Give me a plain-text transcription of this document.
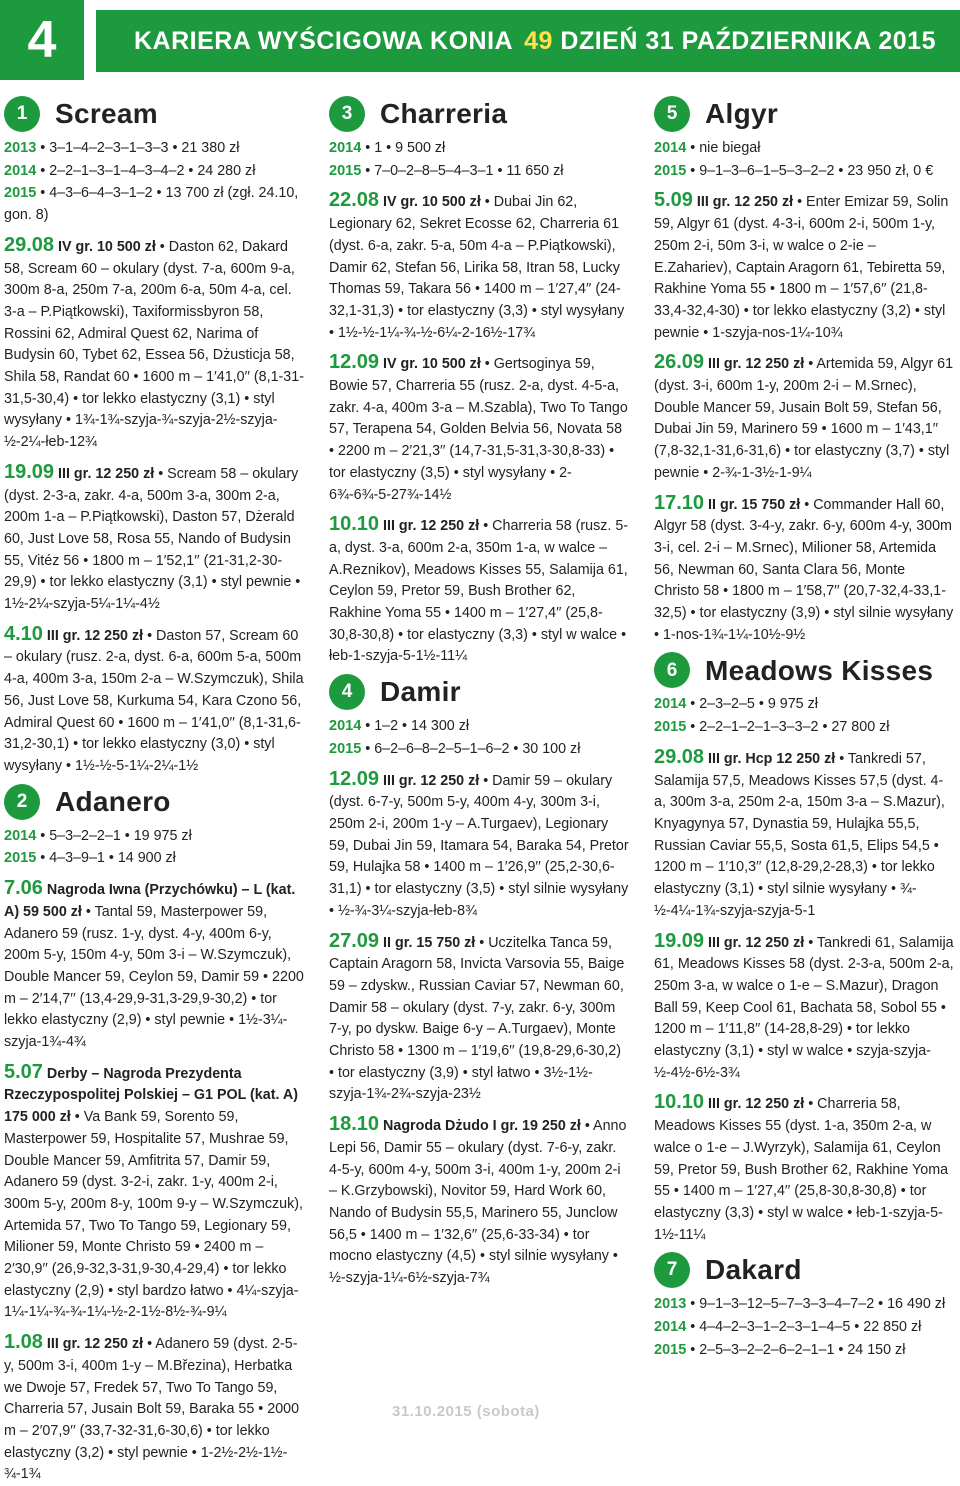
4	KARIERA WYŚCIGOWA KONIA 49 DZIEŃ 31 PAŹDZIERNIKA 2015
1 Scream
2013 • 3–1–4–2–3–1–3–3 • 21 380 zł
2014 • 2–2–1–3–1–4–3–4–2 • 24 280 zł
2015 • 4–3–6–4–3–1–2 • 13 700 zł (zgł. 24.10, gon. 8)
29.08 IV gr. 10 500 zł • Daston 62, Dakard 58, Scream 60 – okulary (dyst. 7-a, 600m 9-a, 300m 8-a, 250m 7-a, 200m 6-a, 50m 4-a, cel. 3-a – P.Piątkowski), Taxiformissbyron 58, Rossini 62, Admiral Quest 62, Narima of Budysin 60, Tybet 62, Essea 56, Dżusticja 58, Shila 58, Randat 60 • 1600 m – 1′41,0′′ (8,1-31-31,5-30,4) • tor lekko elastyczny (3,1) • styl wysyłany • 1¾-1¾-szyja-¾-szyja-2½-szyja-½-2¼-łeb-12¾
19.09 III gr. 12 250 zł • Scream 58 – okulary (dyst. 2-3-a, zakr. 4-a, 500m 3-a, 300m 2-a, 200m 1-a – P.Piątkowski), Daston 57, Dżerald 60, Just Love 58, Rosa 55, Nando of Budysin 55, Vitéz 56 • 1800 m – 1′52,1′′ (21-31,2-30-29,9) • tor lekko elastyczny (3,1) • styl pewnie • 1½-2¼-szyja-5¼-1¼-4½
4.10 III gr. 12 250 zł • Daston 57, Scream 60 – okulary (rusz. 2-a, dyst. 6-a, 600m 5-a, 500m 4-a, 400m 3-a, 150m 2-a – W.Szymczuk), Shila 56, Just Love 58, Kurkuma 54, Kara Czono 56, Admiral Quest 60 • 1600 m – 1′41,0′′ (8,1-31,6-31,2-30,1) • tor lekko elastyczny (3,0) • styl wysyłany • 1½-½-5-1¼-2¼-1½
2 Adanero
2014 • 5–3–2–2–1 • 19 975 zł
2015 • 4–3–9–1 • 14 900 zł
7.06 Nagroda Iwna (Przychówku) – L (kat. A) 59 500 zł • Tantal 59, Masterpower 59, Adanero 59 (rusz. 1-y, dyst. 4-y, 400m 6-y, 200m 5-y, 150m 4-y, 50m 3-i – W.Szymczuk), Double Mancer 59, Ceylon 59, Damir 59 • 2200 m – 2′14,7′′ (13,4-29,9-31,3-29,9-30,2) • tor lekko elastyczny (2,9) • styl pewnie • 1½-3¼-szyja-1¾-4¾
5.07 Derby – Nagroda Prezydenta Rzeczypospolitej Polskiej – G1 POL (kat. A) 175 000 zł • Va Bank 59, Sorento 59, Masterpower 59, Hospitalite 57, Mushrae 59, Double Mancer 59, Amfitrita 57, Damir 59, Adanero 59 (dyst. 3-2-i, zakr. 1-y, 400m 2-i, 300m 5-y, 200m 8-y, 100m 9-y – W.Szymczuk), Artemida 57, Two To Tango 59, Legionary 59, Milioner 59, Monte Christo 59 • 2400 m – 2′30,9′′ (26,9-32,3-31,9-30,4-29,4) • tor lekko elastyczny (2,9) • styl bardzo łatwo • 4¼-szyja-1¼-1¼-¾-¾-1¼-½-2-1½-8½-¾-9¼
1.08 III gr. 12 250 zł • Adanero 59 (dyst. 2-5-y, 500m 3-i, 400m 1-y – M.Březina), Herbatka we Dwoje 57, Fredek 57, Two To Tango 59, Charreria 57, Jusain Bolt 59, Baraka 55 • 2000 m – 2′07,9′′ (33,7-32-31,6-30,6) • tor lekko elastyczny (3,2) • styl pewnie • 1-2½-2½-1½-¾-1¾
3 Charreria
2014 • 1 • 9 500 zł
2015 • 7–0–2–8–5–4–3–1 • 11 650 zł
22.08 IV gr. 10 500 zł • Dubai Jin 62, Legionary 62, Sekret Ecosse 62, Charreria 61 (dyst. 6-a, zakr. 5-a, 50m 4-a – P.Piątkowski), Damir 62, Stefan 56, Lirika 58, Itran 58, Lucky Thomas 59, Takara 56 • 1400 m – 1′27,4′′ (24-32,1-31,3) • tor elastyczny (3,3) • styl wysyłany • 1½-½-1¼-¾-½-6¼-2-16½-17¾
12.09 IV gr. 10 500 zł • Gertsoginya 59, Bowie 57, Charreria 55 (rusz. 2-a, dyst. 4-5-a, zakr. 4-a, 400m 3-a – M.Szabla), Two To Tango 57, Terapena 54, Golden Belvia 56, Novata 58 • 2200 m – 2′21,3′′ (14,7-31,5-31,3-30,8-33) • tor elastyczny (3,5) • styl wysyłany • 2-6¾-6¾-5-27¾-14½
10.10 III gr. 12 250 zł • Charreria 58 (rusz. 5-a, dyst. 3-a, 600m 2-a, 350m 1-a, w walce – A.Reznikov), Meadows Kisses 55, Salamija 61, Ceylon 59, Pretor 59, Bush Brother 62, Rakhine Yoma 55 • 1400 m – 1′27,4′′ (25,8-30,8-30,8) • tor elastyczny (3,3) • styl w walce • łeb-1-szyja-5-1½-11¼
4 Damir
2014 • 1–2 • 14 300 zł
2015 • 6–2–6–8–2–5–1–6–2 • 30 100 zł
12.09 III gr. 12 250 zł • Damir 59 – okulary (dyst. 6-7-y, 500m 5-y, 400m 4-y, 300m 3-i, 250m 2-i, 200m 1-y – A.Turgaev), Legionary 59, Dubai Jin 59, Itamara 54, Baraka 54, Pretor 59, Hulajka 58 • 1400 m – 1′26,9′′ (25,2-30,6-31,1) • tor elastyczny (3,5) • styl silnie wysyłany • ½-¾-3¼-szyja-łeb-8¾
27.09 II gr. 15 750 zł • Uczitelka Tanca 59, Captain Aragorn 58, Invicta Varsovia 55, Baige 59 – zdyskw., Russian Caviar 57, Newman 60, Damir 58 – okulary (dyst. 7-y, zakr. 6-y, 300m 7-y, po dyskw. Baige 6-y – A.Turgaev), Monte Christo 58 • 1300 m – 1′19,6′′ (19,8-29,6-30,2) • tor elastyczny (3,9) • styl łatwo • 3½-1½-szyja-1¾-2¾-szyja-23½
18.10 Nagroda Dżudo I gr. 19 250 zł • Anno Lepi 56, Damir 55 – okulary (dyst. 7-6-y, zakr. 4-5-y, 600m 4-y, 500m 3-i, 400m 1-y, 200m 2-i – K.Grzybowski), Novitor 59, Hard Work 60, Nando of Budysin 55,5, Marinero 55, Junclow 56,5 • 1400 m – 1′32,6′′ (25,6-33-34) • tor mocno elastyczny (4,5) • styl silnie wysyłany • ½-szyja-1¼-6½-szyja-7¾
5 Algyr
2014 • nie biegał
2015 • 9–1–3–6–1–5–3–2–2 • 23 950 zł, 0 €
5.09 III gr. 12 250 zł • Enter Emizar 59, Solin 59, Algyr 61 (dyst. 4-3-i, 600m 2-i, 500m 1-y, 250m 2-i, 50m 3-i, w walce o 2-ie – E.Zahariev), Captain Aragorn 61, Tebiretta 59, Rakhine Yoma 55 • 1800 m – 1′57,6′′ (21,8-33,4-32,4-30) • tor lekko elastyczny (3,2) • styl pewnie • 1-szyja-nos-1¼-10¾
26.09 III gr. 12 250 zł • Artemida 59, Algyr 61 (dyst. 3-i, 600m 1-y, 200m 2-i – M.Srnec), Double Mancer 59, Jusain Bolt 59, Stefan 56, Dubai Jin 59, Marinero 59 • 1600 m – 1′43,1′′ (7,8-32,1-31,6-31,6) • tor elastyczny (3,7) • styl pewnie • 2-¾-1-3½-1-9¼
17.10 II gr. 15 750 zł • Commander Hall 60, Algyr 58 (dyst. 3-4-y, zakr. 6-y, 600m 4-y, 300m 3-i, cel. 2-i – M.Srnec), Milioner 58, Artemida 56, Newman 60, Santa Clara 56, Monte Christo 58 • 1800 m – 1′58,7′′ (20,7-32,4-33,1-32,5) • tor elastyczny (3,9) • styl silnie wysyłany • 1-nos-1¾-1¼-10½-9½
6 Meadows Kisses
2014 • 2–3–2–5 • 9 975 zł
2015 • 2–2–1–2–1–3–3–2 • 27 800 zł
29.08 III gr. Hcp 12 250 zł • Tankredi 57, Salamija 57,5, Meadows Kisses 57,5 (dyst. 4-a, 300m 3-a, 250m 2-a, 150m 3-a – S.Mazur), Knyagynya 57, Dynastia 59, Hulajka 55,5, Russian Caviar 55,5, Sosta 61,5, Elips 54,5 • 1200 m – 1′10,3′′ (12,8-29,2-28,3) • tor lekko elastyczny (3,1) • styl silnie wysyłany • ¾-½-4¼-1¾-szyja-szyja-5-1
19.09 III gr. 12 250 zł • Tankredi 61, Salamija 61, Meadows Kisses 58 (dyst. 2-3-a, 500m 2-a, 250m 3-a, w walce o 1-e – S.Mazur), Dragon Ball 59, Keep Cool 61, Bachata 58, Sobol 55 • 1200 m – 1′11,8′′ (14-28,8-29) • tor lekko elastyczny (3,1) • styl w walce • szyja-szyja-½-4½-6½-3¾
10.10 III gr. 12 250 zł • Charreria 58, Meadows Kisses 55 (dyst. 1-a, 350m 2-a, w walce o 1-e – J.Wyrzyk), Salamija 61, Ceylon 59, Pretor 59, Bush Brother 62, Rakhine Yoma 55 • 1400 m – 1′27,4′′ (25,8-30,8-30,8) • tor elastyczny (3,3) • styl w walce • łeb-1-szyja-5-1½-11¼
7 Dakard
2013 • 9–1–3–12–5–7–3–3–4–7–2 • 16 490 zł
2014 • 4–4–2–3–1–2–3–1–4–5 • 22 850 zł
2015 • 2–5–3–2–2–6–2–1–1 • 24 150 zł
31.10.2015 (sobota)
